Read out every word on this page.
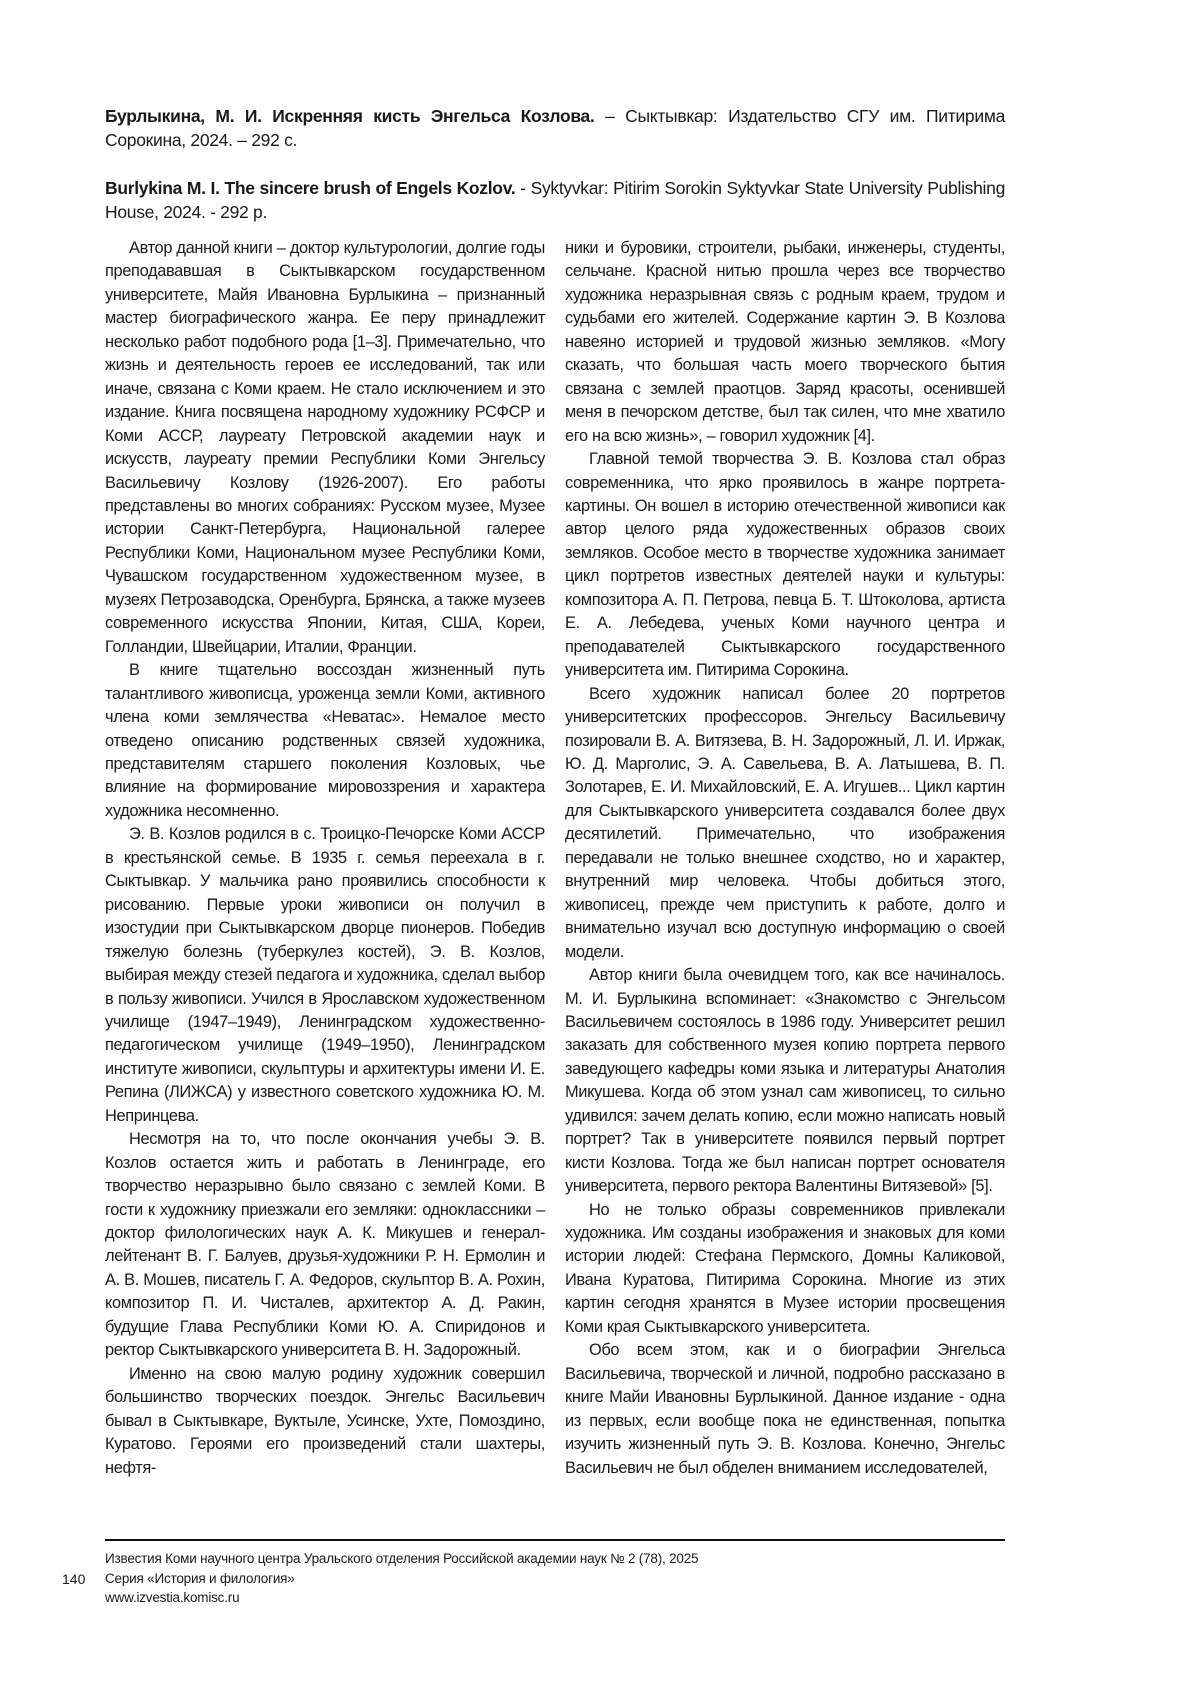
Бурлыкина, М. И. Искренняя кисть Энгельса Козлова. – Сыктывкар: Издательство СГУ им. Питирима Сорокина, 2024. – 292 с.
Burlykina M. I. The sincere brush of Engels Kozlov. - Syktyvkar: Pitirim Sorokin Syktyvkar State University Publishing House, 2024. - 292 p.

Автор данной книги – доктор культурологии, долгие годы преподававшая в Сыктывкарском государственном университете, Майя Ивановна Бурлыкина – признанный мастер биографического жанра. Ее перу принадлежит несколько работ подобного рода [1–3]. Примечательно, что жизнь и деятельность героев ее исследований, так или иначе, связана с Коми краем. Не стало исключением и это издание. Книга посвящена народному художнику РСФСР и Коми АССР, лауреату Петровской академии наук и искусств, лауреату премии Республики Коми Энгельсу Васильевичу Козлову (1926-2007). Его работы представлены во многих собраниях: Русском музее, Музее истории Санкт-Петербурга, Национальной галерее Республики Коми, Национальном музее Республики Коми, Чувашском государственном художественном музее, в музеях Петрозаводска, Оренбурга, Брянска, а также музеев современного искусства Японии, Китая, США, Кореи, Голландии, Швейцарии, Италии, Франции.

В книге тщательно воссоздан жизненный путь талантливого живописца, уроженца земли Коми, активного члена коми землячества «Неватас». Немалое место отведено описанию родственных связей художника, представителям старшего поколения Козловых, чье влияние на формирование мировоззрения и характера художника несомненно.

Э. В. Козлов родился в с. Троицко-Печорске Коми АССР в крестьянской семье. В 1935 г. семья переехала в г. Сыктывкар. У мальчика рано проявились способности к рисованию. Первые уроки живописи он получил в изостудии при Сыктывкарском дворце пионеров. Победив тяжелую болезнь (туберкулез костей), Э. В. Козлов, выбирая между стезей педагога и художника, сделал выбор в пользу живописи. Учился в Ярославском художественном училище (1947–1949), Ленинградском художественно-педагогическом училище (1949–1950), Ленинградском институте живописи, скульптуры и архитектуры имени И. Е. Репина (ЛИЖСА) у известного советского художника Ю. М. Непринцева.

Несмотря на то, что после окончания учебы Э. В. Козлов остается жить и работать в Ленинграде, его творчество неразрывно было связано с землей Коми. В гости к художнику приезжали его земляки: одноклассники – доктор филологических наук А. К. Микушев и генерал-лейтенант В. Г. Балуев, друзья-художники Р. Н. Ермолин и А. В. Мошев, писатель Г. А. Федоров, скульптор В. А. Рохин, композитор П. И. Чисталев, архитектор А. Д. Ракин, будущие Глава Республики Коми Ю. А. Спиридонов и ректор Сыктывкарского университета В. Н. Задорожный.

Именно на свою малую родину художник совершил большинство творческих поездок. Энгельс Васильевич бывал в Сыктывкаре, Вуктыле, Усинске, Ухте, Помоздино, Куратово. Героями его произведений стали шахтеры, нефтя-

ники и буровики, строители, рыбаки, инженеры, студенты, сельчане. Красной нитью прошла через все творчество художника неразрывная связь с родным краем, трудом и судьбами его жителей. Содержание картин Э. В Козлова навеяно историей и трудовой жизнью земляков. «Могу сказать, что большая часть моего творческого бытия связана с землей праотцов. Заряд красоты, осенившей меня в печорском детстве, был так силен, что мне хватило его на всю жизнь», – говорил художник [4].

Главной темой творчества Э. В. Козлова стал образ современника, что ярко проявилось в жанре портрета-картины. Он вошел в историю отечественной живописи как автор целого ряда художественных образов своих земляков. Особое место в творчестве художника занимает цикл портретов известных деятелей науки и культуры: композитора А. П. Петрова, певца Б. Т. Штоколова, артиста Е. А. Лебедева, ученых Коми научного центра и преподавателей Сыктывкарского государственного университета им. Питирима Сорокина.

Всего художник написал более 20 портретов университетских профессоров. Энгельсу Васильевичу позировали В. А. Витязева, В. Н. Задорожный, Л. И. Иржак, Ю. Д. Марголис, Э. А. Савельева, В. А. Латышева, В. П. Золотарев, Е. И. Михайловский, Е. А. Игушев... Цикл картин для Сыктывкарского университета создавался более двух десятилетий. Примечательно, что изображения передавали не только внешнее сходство, но и характер, внутренний мир человека. Чтобы добиться этого, живописец, прежде чем приступить к работе, долго и внимательно изучал всю доступную информацию о своей модели.

Автор книги была очевидцем того, как все начиналось. М. И. Бурлыкина вспоминает: «Знакомство с Энгельсом Васильевичем состоялось в 1986 году. Университет решил заказать для собственного музея копию портрета первого заведующего кафедры коми языка и литературы Анатолия Микушева. Когда об этом узнал сам живописец, то сильно удивился: зачем делать копию, если можно написать новый портрет? Так в университете появился первый портрет кисти Козлова. Тогда же был написан портрет основателя университета, первого ректора Валентины Витязевой» [5].

Но не только образы современников привлекали художника. Им созданы изображения и знаковых для коми истории людей: Стефана Пермского, Домны Каликовой, Ивана Куратова, Питирима Сорокина. Многие из этих картин сегодня хранятся в Музее истории просвещения Коми края Сыктывкарского университета.

Обо всем этом, как и о биографии Энгельса Васильевича, творческой и личной, подробно рассказано в книге Майи Ивановны Бурлыкиной. Данное издание - одна из первых, если вообще пока не единственная, попытка изучить жизненный путь Э. В. Козлова. Конечно, Энгельс Васильевич не был обделен вниманием исследователей,

140
Известия Коми научного центра Уральского отделения Российской академии наук № 2 (78), 2025
Серия «История и филология»
www.izvestia.komisc.ru
